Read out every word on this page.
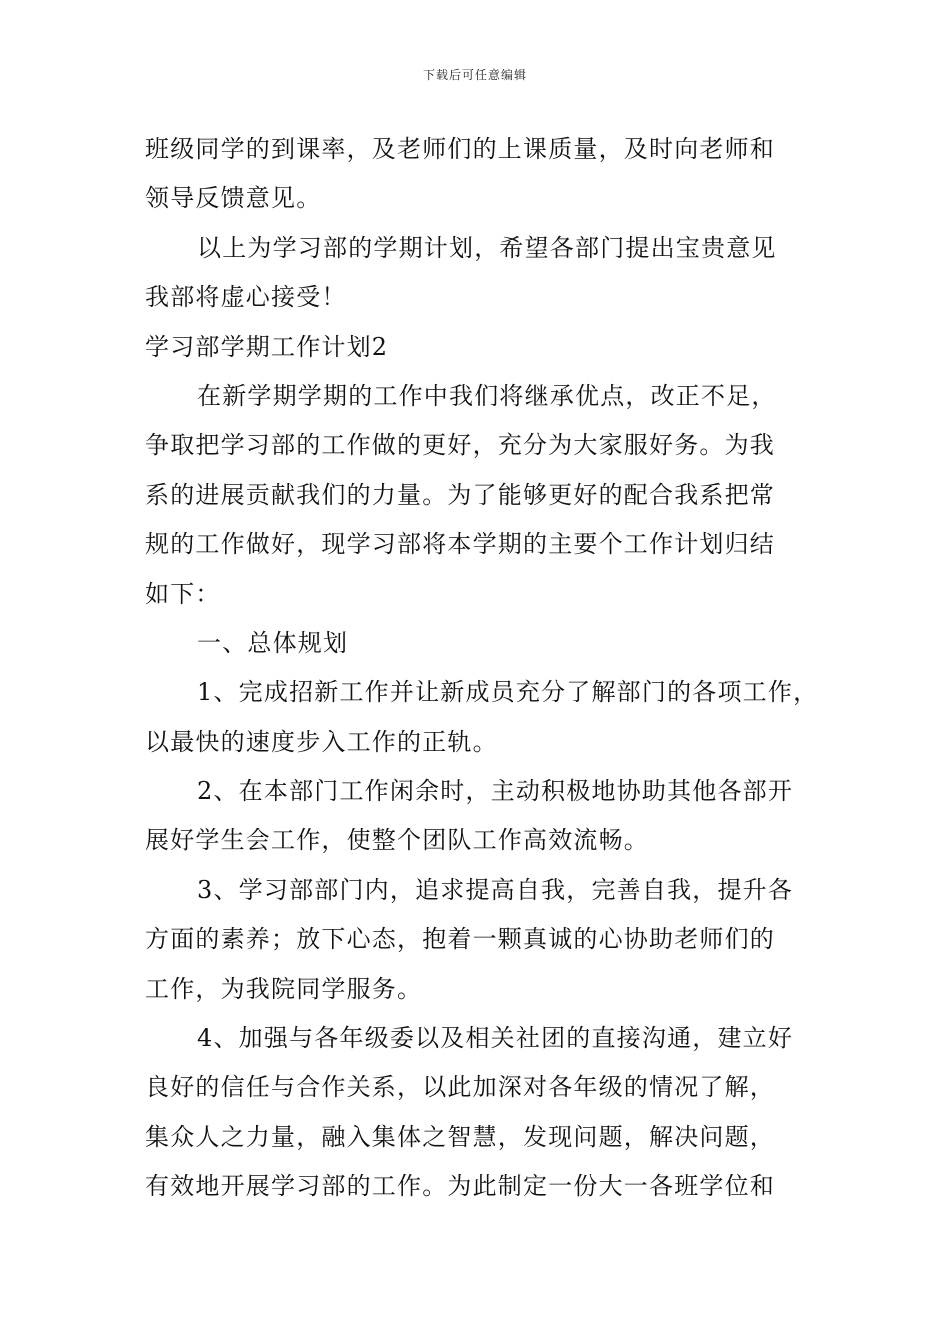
下载后可任意编辑
班级同学的到课率，及老师们的上课质量，及时向老师和
领导反馈意见。
以上为学习部的学期计划，希望各部门提出宝贵意见
我部将虚心接受！
学习部学期工作计划2
在新学期学期的工作中我们将继承优点，改正不足，
争取把学习部的工作做的更好，充分为大家服好务。为我
系的进展贡献我们的力量。为了能够更好的配合我系把常
规的工作做好，现学习部将本学期的主要个工作计划归结
如下：
一、总体规划
1、完成招新工作并让新成员充分了解部门的各项工作，
以最快的速度步入工作的正轨。
2、在本部门工作闲余时，主动积极地协助其他各部开
展好学生会工作，使整个团队工作高效流畅。
3、学习部部门内，追求提高自我，完善自我，提升各
方面的素养；放下心态，抱着一颗真诚的心协助老师们的
工作，为我院同学服务。
4、加强与各年级委以及相关社团的直接沟通，建立好
良好的信任与合作关系，以此加深对各年级的情况了解，
集众人之力量，融入集体之智慧，发现问题，解决问题，
有效地开展学习部的工作。为此制定一份大一各班学位和
